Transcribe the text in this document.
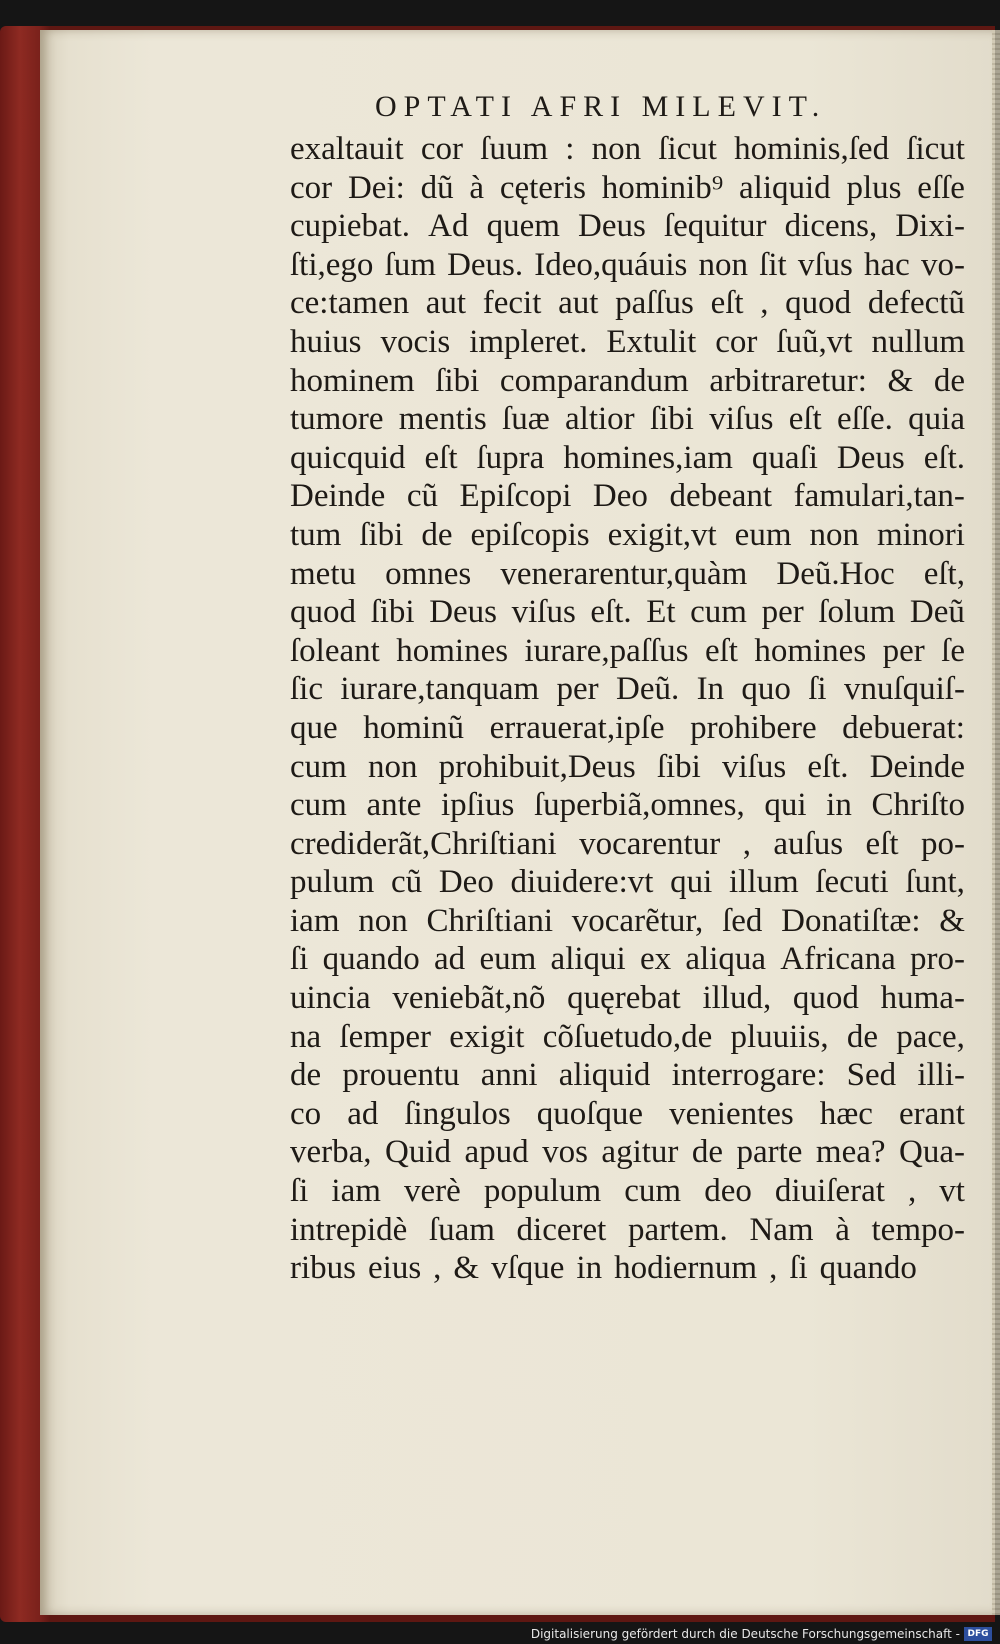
OPTATI AFRI MILEVIT.
exaltauit cor ſuum : non ſicut hominis,ſed ſicut
cor Dei: dũ à cęteris hominib⁹ aliquid plus eſſe
cupiebat. Ad quem Deus ſequitur dicens, Dixi-
ſti,ego ſum Deus. Ideo,quáuis non ſit vſus hac vo-
ce:tamen aut fecit aut paſſus eſt , quod defectũ
huius vocis impleret. Extulit cor ſuũ,vt nullum
hominem ſibi comparandum arbitraretur: & de
tumore mentis ſuæ altior ſibi viſus eſt eſſe. quia
quicquid eſt ſupra homines,iam quaſi Deus eſt.
Deinde cũ Epiſcopi Deo debeant famulari,tan-
tum ſibi de epiſcopis exigit,vt eum non minori
metu omnes venerarentur,quàm Deũ.Hoc eſt,
quod ſibi Deus viſus eſt. Et cum per ſolum Deũ
ſoleant homines iurare,paſſus eſt homines per ſe
ſic iurare,tanquam per Deũ. In quo ſi vnuſquiſ-
que hominũ errauerat,ipſe prohibere debuerat:
cum non prohibuit,Deus ſibi viſus eſt. Deinde
cum ante ipſius ſuperbiã,omnes, qui in Chriſto
crediderãt,Chriſtiani vocarentur , auſus eſt po-
pulum cũ Deo diuidere:vt qui illum ſecuti ſunt,
iam non Chriſtiani vocarẽtur, ſed Donatiſtæ: &
ſi quando ad eum aliqui ex aliqua Africana pro-
uincia veniebãt,nõ quęrebat illud, quod huma-
na ſemper exigit cõſuetudo,de pluuiis, de pace,
de prouentu anni aliquid interrogare: Sed illi-
co ad ſingulos quoſque venientes hæc erant
verba, Quid apud vos agitur de parte mea? Qua-
ſi iam verè populum cum deo diuiſerat , vt
intrepidè ſuam diceret partem. Nam à tempo-
ribus eius , & vſque in hodiernum , ſi quando
Digitalisierung gefördert durch die Deutsche Forschungsgemeinschaft - DFG
